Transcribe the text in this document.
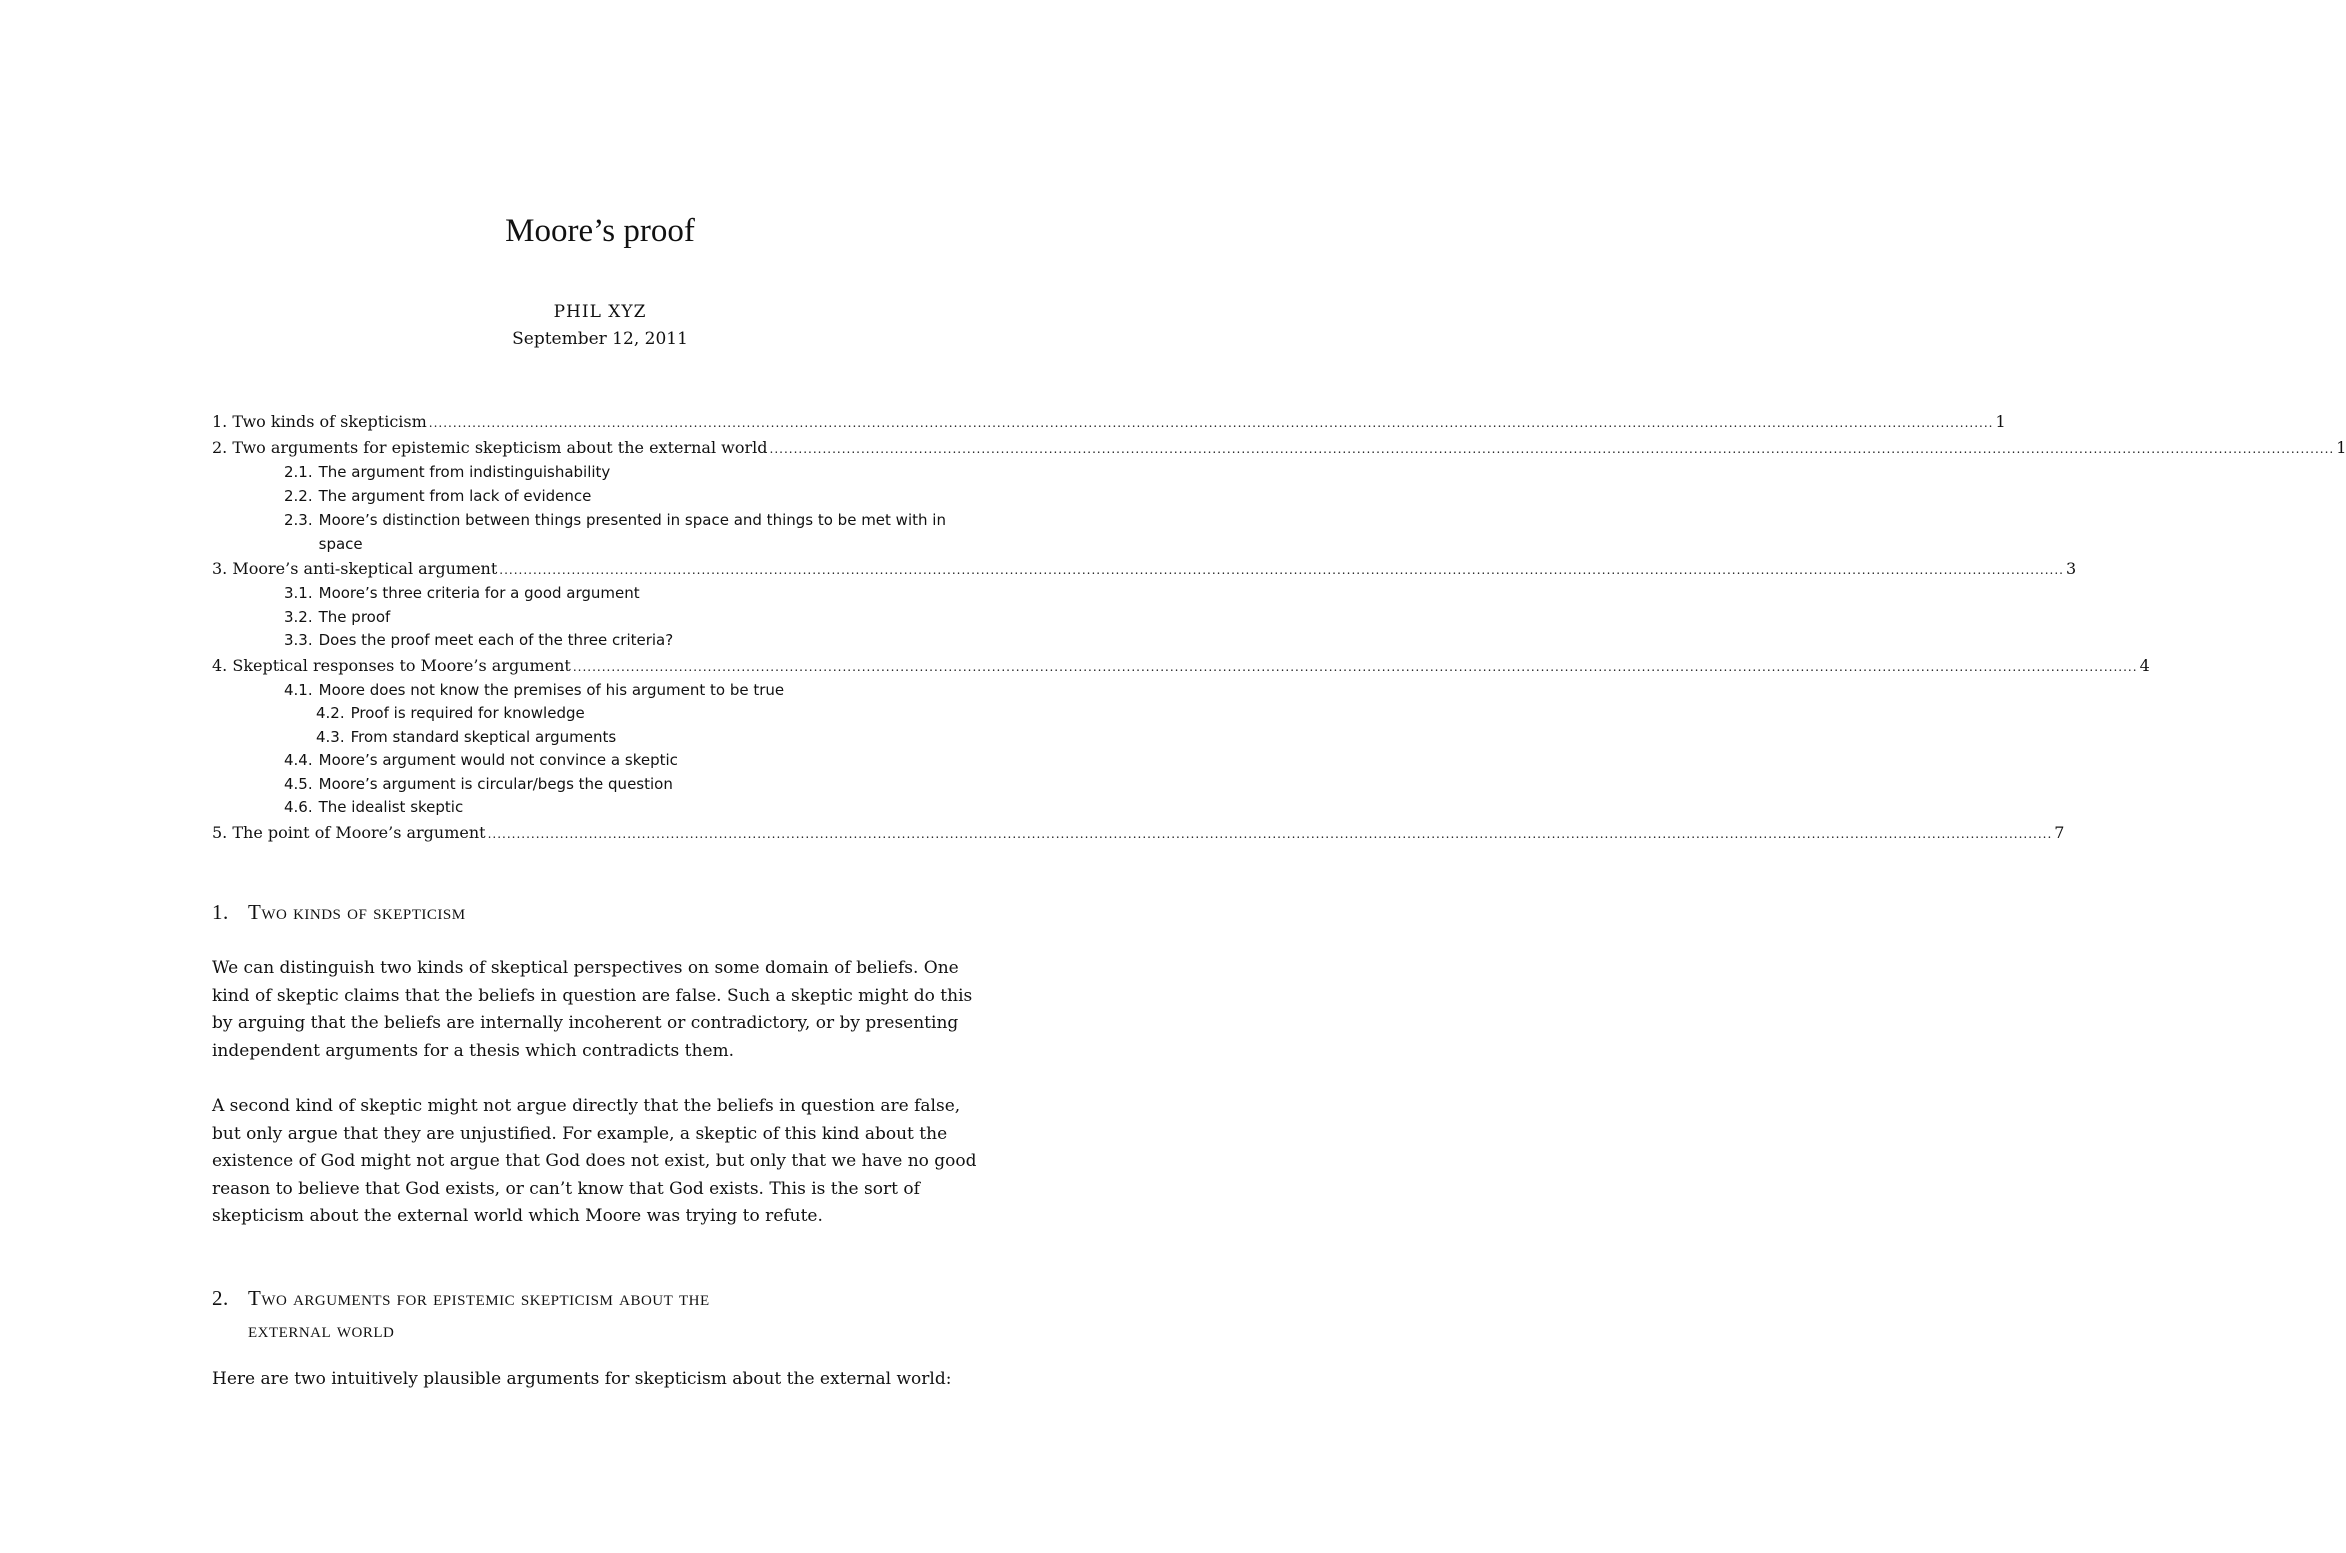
Moore’s proof
PHIL XYZ
September 12, 2011
1. Two kinds of skepticism ..................................................................................................................................................................................................................................................................................................................................... 1
2. Two arguments for epistemic skepticism about the external world ..................................................................................................................................................................................................................................................................................................................................... 1
2.1. The argument from indistinguishability
2.2. The argument from lack of evidence
2.3. Moore’s distinction between things presented in space and things to be met with in space
3. Moore’s anti-skeptical argument ..................................................................................................................................................................................................................................................................................................................................... 3
3.1. Moore’s three criteria for a good argument
3.2. The proof
3.3. Does the proof meet each of the three criteria?
4. Skeptical responses to Moore’s argument ..................................................................................................................................................................................................................................................................................................................................... 4
4.1. Moore does not know the premises of his argument to be true
4.2. Proof is required for knowledge
4.3. From standard skeptical arguments
4.4. Moore’s argument would not convince a skeptic
4.5. Moore’s argument is circular/begs the question
4.6. The idealist skeptic
5. The point of Moore’s argument ..................................................................................................................................................................................................................................................................................................................................... 7
1. Two kinds of skepticism

We can distinguish two kinds of skeptical perspectives on some domain of beliefs. One kind of skeptic claims that the beliefs in question are false. Such a skeptic might do this by arguing that the beliefs are internally incoherent or contradictory, or by presenting independent arguments for a thesis which contradicts them.

A second kind of skeptic might not argue directly that the beliefs in question are false, but only argue that they are unjustified. For example, a skeptic of this kind about the existence of God might not argue that God does not exist, but only that we have no good reason to believe that God exists, or can’t know that God exists. This is the sort of skepticism about the external world which Moore was trying to refute.

2. Two arguments for epistemic skepticism about the
external world

Here are two intuitively plausible arguments for skepticism about the external world:
